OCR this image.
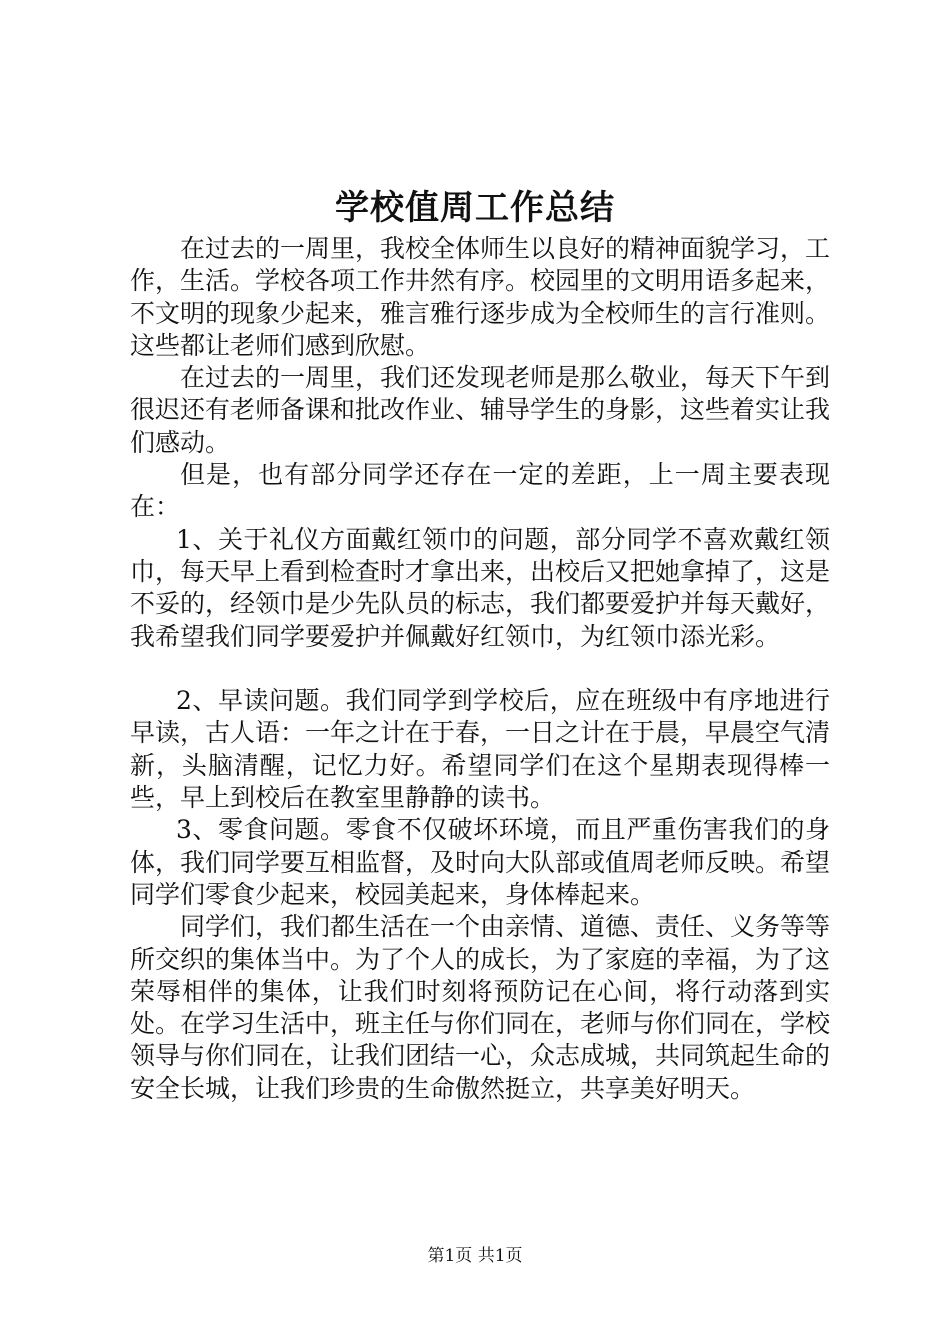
学校值周工作总结

在过去的一周里，我校全体师生以良好的精神面貌学习，工作，生活。学校各项工作井然有序。校园里的文明用语多起来，不文明的现象少起来，雅言雅行逐步成为全校师生的言行准则。这些都让老师们感到欣慰。

在过去的一周里，我们还发现老师是那么敬业，每天下午到很迟还有老师备课和批改作业、辅导学生的身影，这些着实让我们感动。

但是，也有部分同学还存在一定的差距，上一周主要表现在：

1、关于礼仪方面戴红领巾的问题，部分同学不喜欢戴红领巾，每天早上看到检查时才拿出来，出校后又把她拿掉了，这是不妥的，经领巾是少先队员的标志，我们都要爱护并每天戴好，我希望我们同学要爱护并佩戴好红领巾，为红领巾添光彩。

2、早读问题。我们同学到学校后，应在班级中有序地进行早读，古人语：一年之计在于春，一日之计在于晨，早晨空气清新，头脑清醒，记忆力好。希望同学们在这个星期表现得棒一些，早上到校后在教室里静静的读书。

3、零食问题。零食不仅破坏环境，而且严重伤害我们的身体，我们同学要互相监督，及时向大队部或值周老师反映。希望同学们零食少起来，校园美起来，身体棒起来。

同学们，我们都生活在一个由亲情、道德、责任、义务等等所交织的集体当中。为了个人的成长，为了家庭的幸福，为了这荣辱相伴的集体，让我们时刻将预防记在心间，将行动落到实处。在学习生活中，班主任与你们同在，老师与你们同在，学校领导与你们同在，让我们团结一心，众志成城，共同筑起生命的安全长城，让我们珍贵的生命傲然挺立，共享美好明天。

第1页 共1页
